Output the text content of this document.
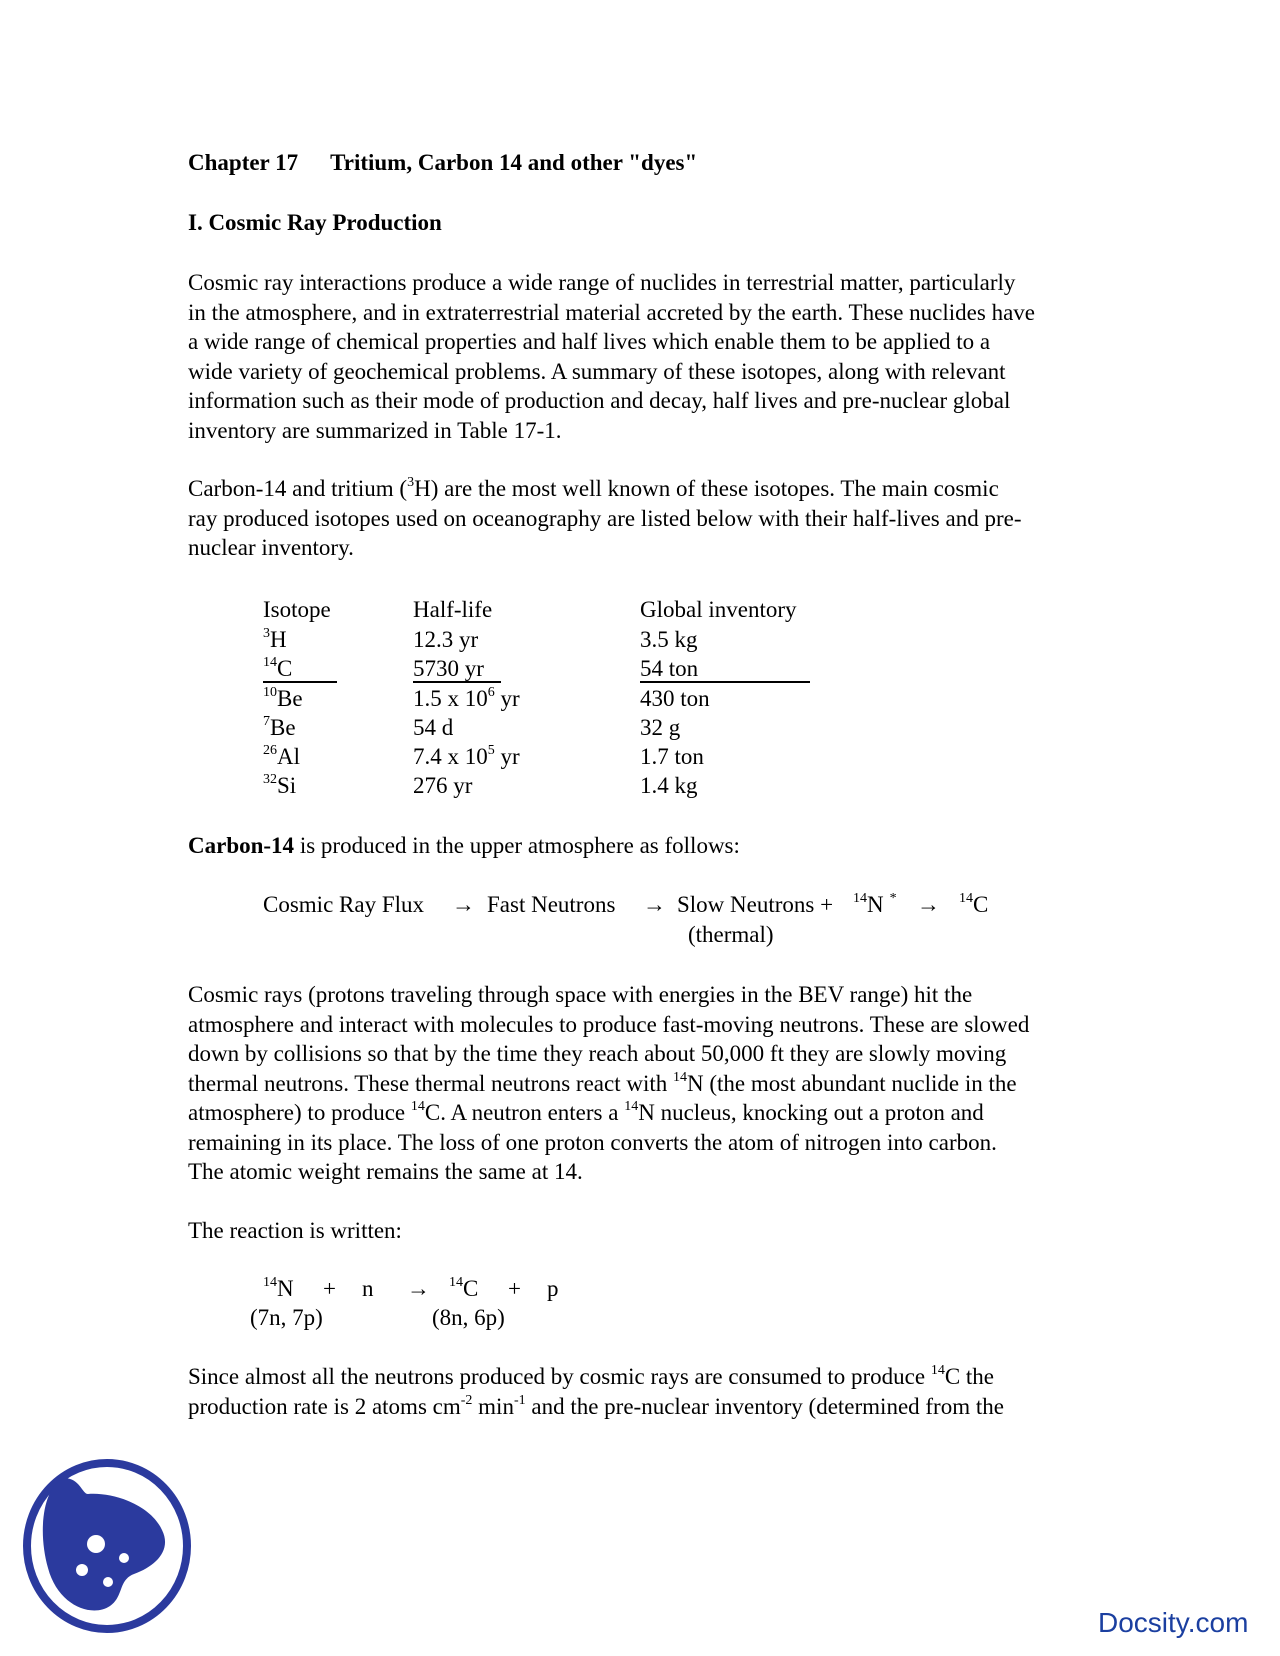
Chapter 17 Tritium, Carbon 14 and other "dyes"
I. Cosmic Ray Production
Cosmic ray interactions produce a wide range of nuclides in terrestrial matter, particularly
in the atmosphere, and in extraterrestrial material accreted by the earth. These nuclides have
a wide range of chemical properties and half lives which enable them to be applied to a
wide variety of geochemical problems. A summary of these isotopes, along with relevant
information such as their mode of production and decay, half lives and pre-nuclear global
inventory are summarized in Table 17-1.
Carbon-14 and tritium ($^3$H) are the most well known of these isotopes. The main cosmic
ray produced isotopes used on oceanography are listed below with their half-lives and pre-
nuclear inventory.
Isotope	Half-life	Global inventory
$^3$H	12.3 yr	3.5 kg
$^{14}$C	5730 yr	54 ton
$^{10}$Be	1.5 x $10^6$ yr	430 ton
$^7$Be	54 d	32 g
$^{26}$Al	7.4 x $10^5$ yr	1.7 ton
$^{32}$Si	276 yr	1.4 kg
Carbon-14 is produced in the upper atmosphere as follows:
Cosmic Ray Flux → Fast Neutrons → Slow Neutrons + $^{14}$N * → $^{14}$C
(thermal)
Cosmic rays (protons traveling through space with energies in the BEV range) hit the
atmosphere and interact with molecules to produce fast-moving neutrons. These are slowed
down by collisions so that by the time they reach about 50,000 ft they are slowly moving
thermal neutrons. These thermal neutrons react with $^{14}$N (the most abundant nuclide in the
atmosphere) to produce $^{14}$C. A neutron enters a $^{14}$N nucleus, knocking out a proton and
remaining in its place. The loss of one proton converts the atom of nitrogen into carbon.
The atomic weight remains the same at 14.
The reaction is written:
$^{14}$N + n → $^{14}$C + p
(7n, 7p)	(8n, 6p)
Since almost all the neutrons produced by cosmic rays are consumed to produce $^{14}$C the
production rate is 2 atoms $cm^{-2}$ $\min^{-1}$ and the pre-nuclear inventory (determined from the
Docsity.com
